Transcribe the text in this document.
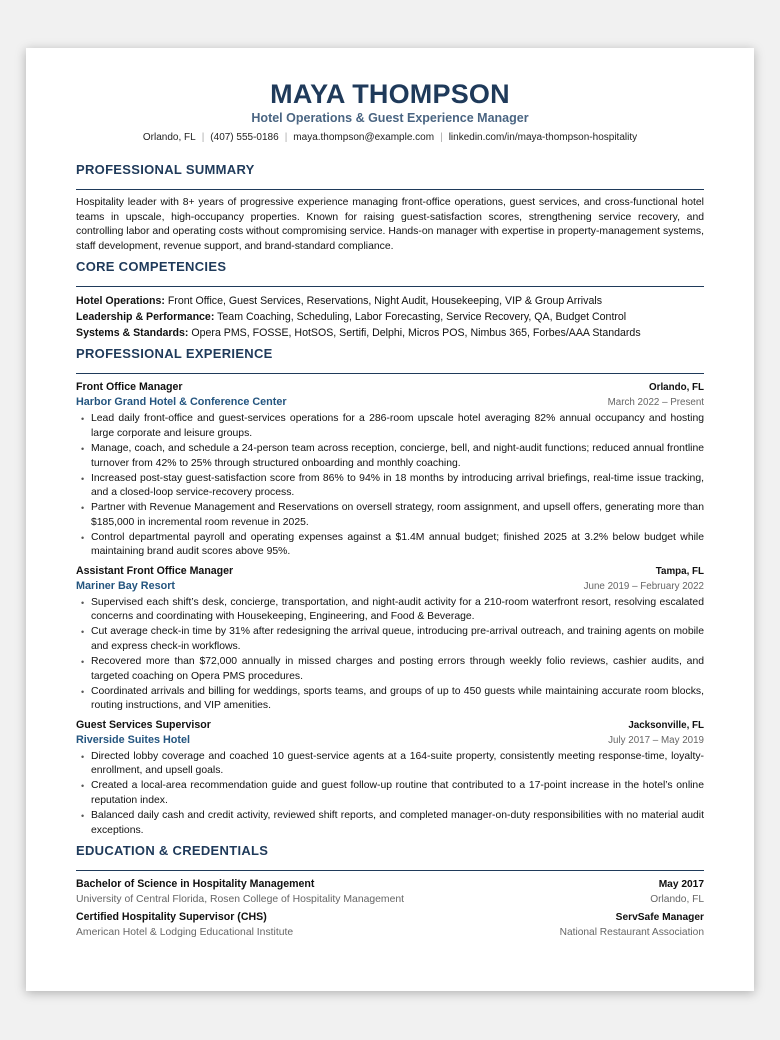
MAYA THOMPSON
Hotel Operations & Guest Experience Manager
Orlando, FL | (407) 555-0186 | maya.thompson@example.com | linkedin.com/in/maya-thompson-hospitality
PROFESSIONAL SUMMARY
Hospitality leader with 8+ years of progressive experience managing front-office operations, guest services, and cross-functional hotel teams in upscale, high-occupancy properties. Known for raising guest-satisfaction scores, strengthening service recovery, and controlling labor and operating costs without compromising service. Hands-on manager with expertise in property-management systems, staff development, revenue support, and brand-standard compliance.
CORE COMPETENCIES
Hotel Operations: Front Office, Guest Services, Reservations, Night Audit, Housekeeping, VIP & Group Arrivals
Leadership & Performance: Team Coaching, Scheduling, Labor Forecasting, Service Recovery, QA, Budget Control
Systems & Standards: Opera PMS, FOSSE, HotSOS, Sertifi, Delphi, Micros POS, Nimbus 365, Forbes/AAA Standards
PROFESSIONAL EXPERIENCE
Front Office Manager	Orlando, FL
Harbor Grand Hotel & Conference Center	March 2022 – Present
• Lead daily front-office and guest-services operations for a 286-room upscale hotel averaging 82% annual occupancy and hosting large corporate and leisure groups.
• Manage, coach, and schedule a 24-person team across reception, concierge, bell, and night-audit functions; reduced annual frontline turnover from 42% to 25% through structured onboarding and monthly coaching.
• Increased post-stay guest-satisfaction score from 86% to 94% in 18 months by introducing arrival briefings, real-time issue tracking, and a closed-loop service-recovery process.
• Partner with Revenue Management and Reservations on oversell strategy, room assignment, and upsell offers, generating more than $185,000 in incremental room revenue in 2025.
• Control departmental payroll and operating expenses against a $1.4M annual budget; finished 2025 at 3.2% below budget while maintaining brand audit scores above 95%.
Assistant Front Office Manager	Tampa, FL
Mariner Bay Resort	June 2019 – February 2022
• Supervised each shift’s desk, concierge, transportation, and night-audit activity for a 210-room waterfront resort, resolving escalated concerns and coordinating with Housekeeping, Engineering, and Food & Beverage.
• Cut average check-in time by 31% after redesigning the arrival queue, introducing pre-arrival outreach, and training agents on mobile and express check-in workflows.
• Recovered more than $72,000 annually in missed charges and posting errors through weekly folio reviews, cashier audits, and targeted coaching on Opera PMS procedures.
• Coordinated arrivals and billing for weddings, sports teams, and groups of up to 450 guests while maintaining accurate room blocks, routing instructions, and VIP amenities.
Guest Services Supervisor	Jacksonville, FL
Riverside Suites Hotel	July 2017 – May 2019
• Directed lobby coverage and coached 10 guest-service agents at a 164-suite property, consistently meeting response-time, loyalty-enrollment, and upsell goals.
• Created a local-area recommendation guide and guest follow-up routine that contributed to a 17-point increase in the hotel’s online reputation index.
• Balanced daily cash and credit activity, reviewed shift reports, and completed manager-on-duty responsibilities with no material audit exceptions.
EDUCATION & CREDENTIALS
Bachelor of Science in Hospitality Management	May 2017
University of Central Florida, Rosen College of Hospitality Management	Orlando, FL
Certified Hospitality Supervisor (CHS)	ServSafe Manager
American Hotel & Lodging Educational Institute	National Restaurant Association
